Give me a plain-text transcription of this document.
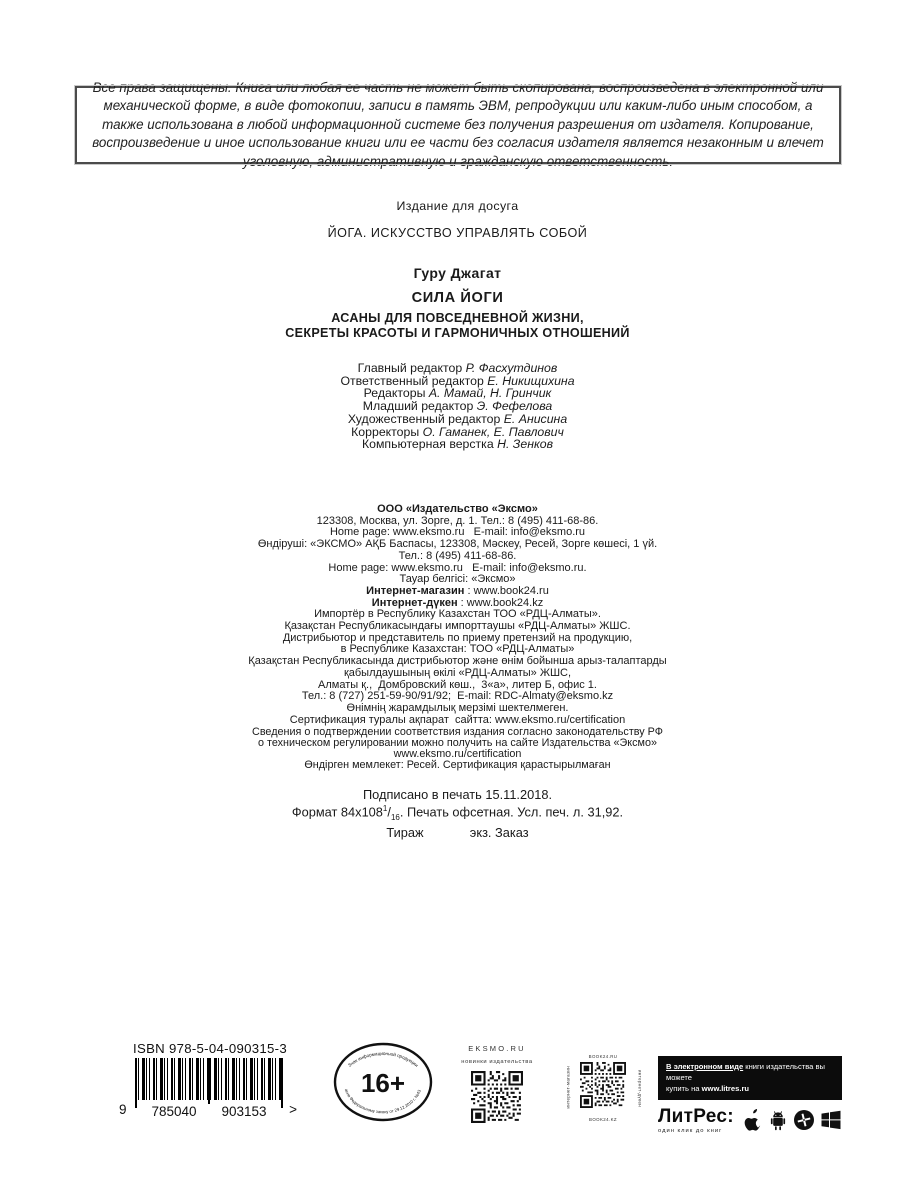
Все права защищены. Книга или любая ее часть не может быть скопирована, воспроизведена в электронной или механической форме, в виде фотокопии, записи в память ЭВМ, репродукции или каким-либо иным способом, а также использована в любой информационной системе без получения разрешения от издателя. Копирование, воспроизведение и иное использование книги или ее части без согласия издателя является незаконным и влечет уголовную, административную и гражданскую ответственность.

Издание для досуга
ЙОГА. ИСКУССТВО УПРАВЛЯТЬ СОБОЙ
Гуру Джагат
СИЛА ЙОГИ
АСАНЫ ДЛЯ ПОВСЕДНЕВНОЙ ЖИЗНИ,
СЕКРЕТЫ КРАСОТЫ И ГАРМОНИЧНЫХ ОТНОШЕНИЙ
Главный редактор Р. Фасхутдинов
Ответственный редактор Е. Никищихина
Редакторы А. Мамай, Н. Гринчик
Младший редактор Э. Фефелова
Художественный редактор Е. Анисина
Корректоры О. Гаманек, Е. Павлович
Компьютерная верстка Н. Зенков
ООО «Издательство «Эксмо»
123308, Москва, ул. Зорге, д. 1. Тел.: 8 (495) 411-68-86.
Home page: www.eksmo.ru   E-mail: info@eksmo.ru
Өндіруші: «ЭКСМО» АҚБ Баспасы, 123308, Мәскеу, Ресей, Зорге көшесі, 1 үй.
Тел.: 8 (495) 411-68-86.
Home page: www.eksmo.ru   E-mail: info@eksmo.ru.
Тауар белгісі: «Эксмо»
Интернет-магазин : www.book24.ru
Интернет-дүкен : www.book24.kz
Импортёр в Республику Казахстан ТОО «РДЦ-Алматы».
Қазақстан Республикасындағы импорттаушы «РДЦ-Алматы» ЖШС.
Дистрибьютор и представитель по приему претензий на продукцию,
в Республике Казахстан: ТОО «РДЦ-Алматы»
Қазақстан Республикасында дистрибьютор және өнім бойынша арыз-талаптарды
қабылдаушының өкілі «РДЦ-Алматы» ЖШС,
Алматы қ.,  Домбровский көш.,  3«а», литер Б, офис 1.
Тел.: 8 (727) 251-59-90/91/92;  E-mail: RDC-Almaty@eksmo.kz
Өнімнің жарамдылық мерзімі шектелмеген.
Сертификация туралы ақпарат  сайтта: www.eksmo.ru/certification
Сведения о подтверждении соответствия издания согласно законодательству РФ
о техническом регулировании можно получить на сайте Издательства «Эксмо»
www.eksmo.ru/certification
Өндірген мемлекет: Ресей. Сертификация қарастырылмаған
Подписано в печать 15.11.2018.
Формат $84x108^1/_{16}$. Печать офсетная. Усл. печ. л. 31,92.
Тираж             экз. Заказ
ISBN 978-5-04-090315-3
9 785040 903153 >
16+
Знак информационной продукции
асно Федеральному закону от 29.12.2010 г. №43
EKSMO.RU
новинки издательства
BOOK24.RU
интернет-магазин	интернет-дүкен
BOOK24.KZ
В электронном виде книги издательства вы можете
купить на www.litres.ru
ЛитРес:
один клик до книг
